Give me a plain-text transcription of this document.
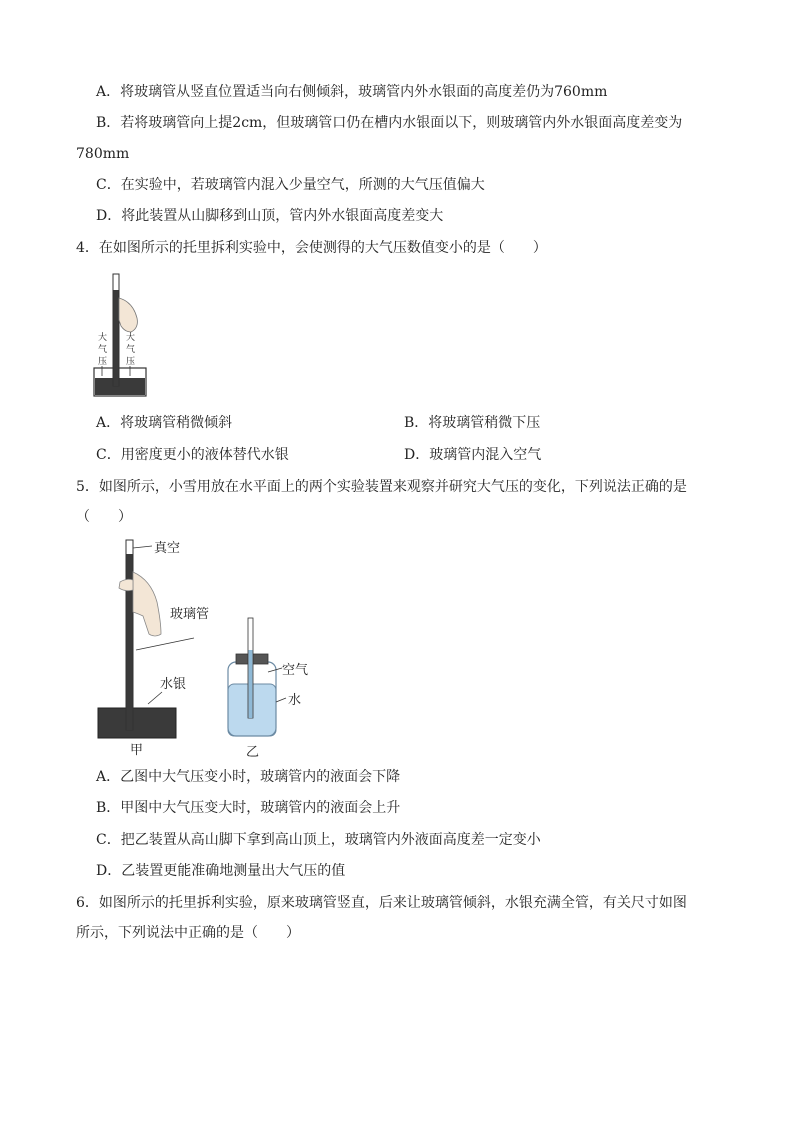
A．将玻璃管从竖直位置适当向右侧倾斜，玻璃管内外水银面的高度差仍为760mm
B．若将玻璃管向上提2cm，但玻璃管口仍在槽内水银面以下，则玻璃管内外水银面高度差变为
780mm
C．在实验中，若玻璃管内混入少量空气，所测的大气压值偏大
D．将此装置从山脚移到山顶，管内外水银面高度差变大
4．在如图所示的托里拆利实验中，会使测得的大气压数值变小的是（　　）
大
气
压
大
气
压
A．将玻璃管稍微倾斜	B．将玻璃管稍微下压
C．用密度更小的液体替代水银	D．玻璃管内混入空气
5．如图所示，小雪用放在水平面上的两个实验装置来观察并研究大气压的变化，下列说法正确的是
（　　）
真空
玻璃管
水银
空气
水
甲	乙
A．乙图中大气压变小时，玻璃管内的液面会下降
B．甲图中大气压变大时，玻璃管内的液面会上升
C．把乙装置从高山脚下拿到高山顶上，玻璃管内外液面高度差一定变小
D．乙装置更能准确地测量出大气压的值
6．如图所示的托里拆利实验，原来玻璃管竖直，后来让玻璃管倾斜，水银充满全管，有关尺寸如图
所示，下列说法中正确的是（　　）
